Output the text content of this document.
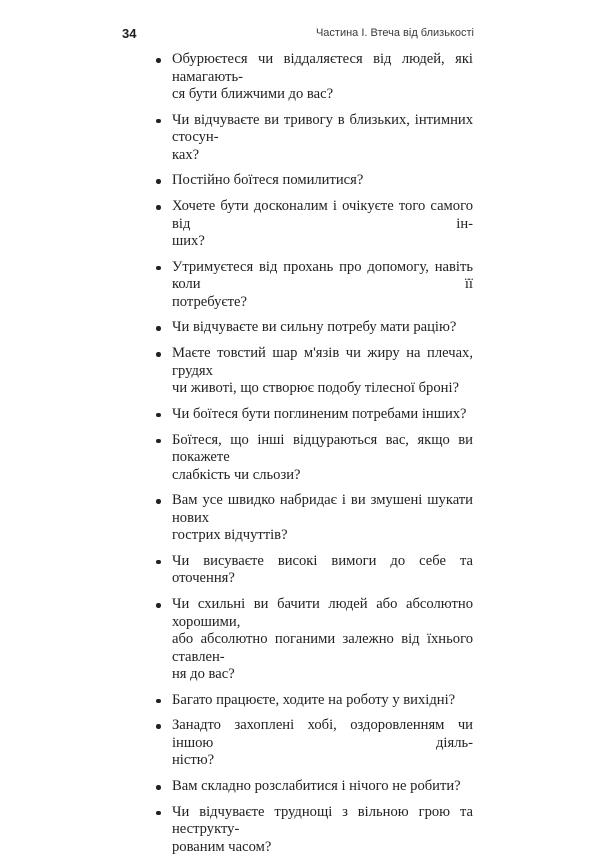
34	Частина I. Втеча від близькості
Обурюєтеся чи віддаляєтеся від людей, які намагають-
ся бути ближчими до вас?
Чи відчуваєте ви тривогу в близьких, інтимних стосун-
ках?
Постійно боїтеся помилитися?
Хочете бути досконалим і очікуєте того самого від ін-
ших?
Утримуєтеся від прохань про допомогу, навіть коли її
потребуєте?
Чи відчуваєте ви сильну потребу мати рацію?
Маєте товстий шар м'язів чи жиру на плечах, грудях
чи животі, що створює подобу тілесної броні?
Чи боїтеся бути поглиненим потребами інших?
Боїтеся, що інші відцураються вас, якщо ви покажете
слабкість чи сльози?
Вам усе швидко набридає і ви змушені шукати нових
гострих відчуттів?
Чи висуваєте високі вимоги до себе та оточення?
Чи схильні ви бачити людей або абсолютно хорошими,
або абсолютно поганими залежно від їхнього ставлен-
ня до вас?
Багато працюєте, ходите на роботу у вихідні?
Занадто захоплені хобі, оздоровленням чи іншою діяль-
ністю?
Вам складно розслабитися і нічого не робити?
Чи відчуваєте труднощі з вільною грою та неструкту-
рованим часом?
